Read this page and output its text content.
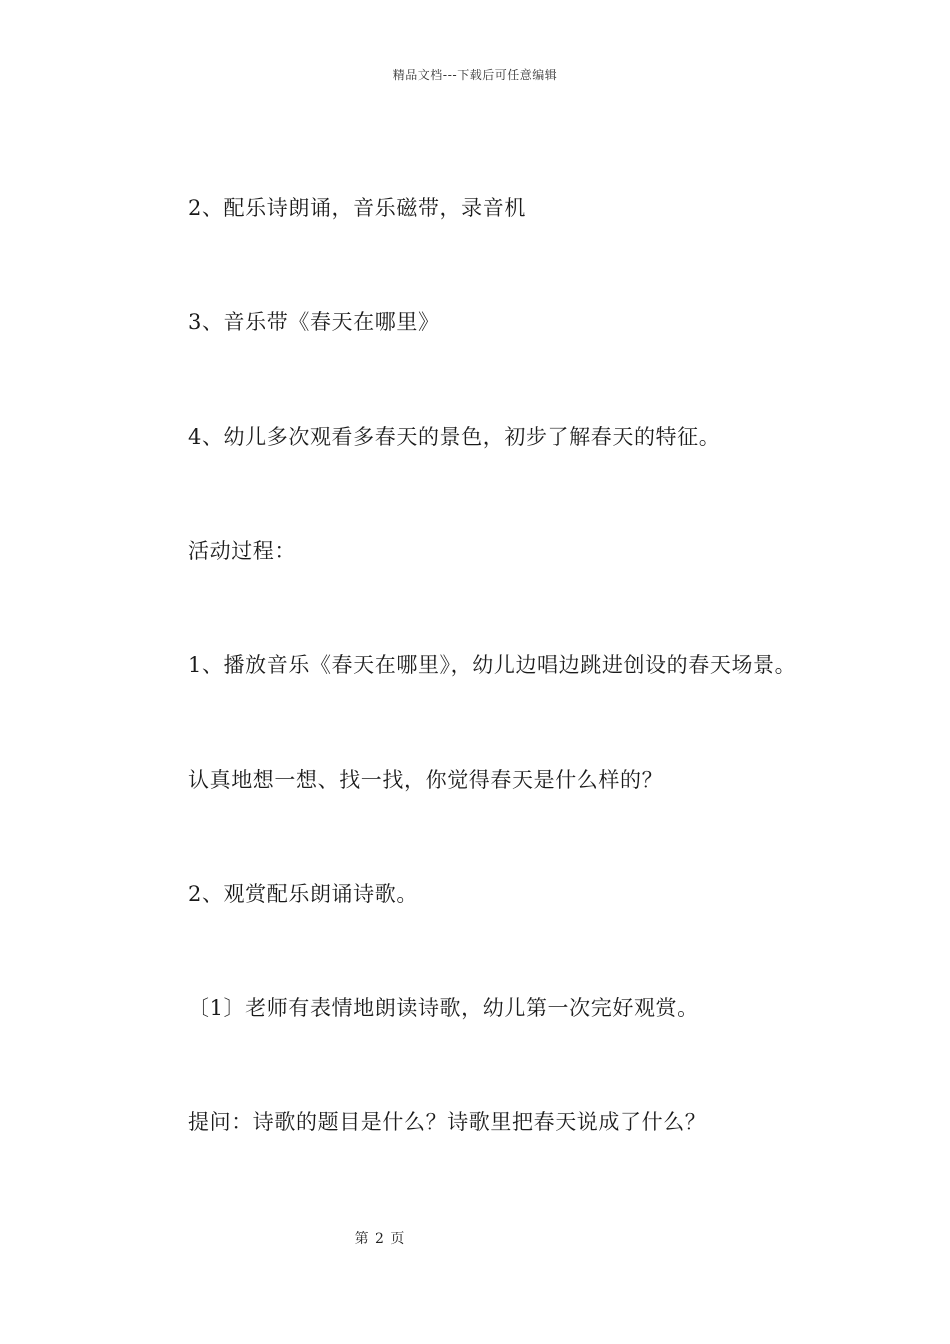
精品文档---下载后可任意编辑
2、配乐诗朗诵，音乐磁带，录音机
3、音乐带《春天在哪里》
4、幼儿多次观看多春天的景色，初步了解春天的特征。
活动过程：
1、播放音乐《春天在哪里》，幼儿边唱边跳进创设的春天场景。
认真地想一想、找一找，你觉得春天是什么样的？
2、观赏配乐朗诵诗歌。
〔1〕老师有表情地朗读诗歌，幼儿第一次完好观赏。
提问：诗歌的题目是什么？诗歌里把春天说成了什么？
第 2 页
